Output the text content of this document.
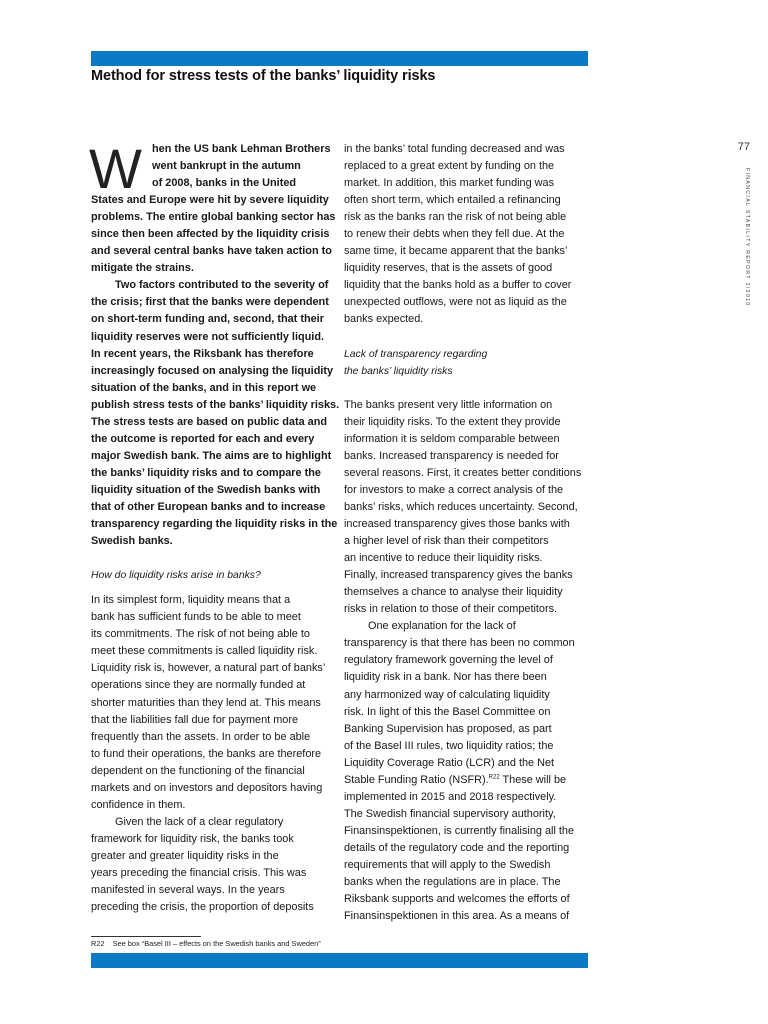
Method for stress tests of the banks’ liquidity risks
77
FINANCIAL STABILITY REPORT 2/2010
W hen the US bank Lehman Brothers
went bankrupt in the autumn
of 2008, banks in the United
States and Europe were hit by severe liquidity
problems. The entire global banking sector has
since then been affected by the liquidity crisis
and several central banks have taken action to
mitigate the strains.
Two factors contributed to the severity of
the crisis; first that the banks were dependent
on short-term funding and, second, that their
liquidity reserves were not sufficiently liquid.
In recent years, the Riksbank has therefore
increasingly focused on analysing the liquidity
situation of the banks, and in this report we
publish stress tests of the banks’ liquidity risks.
The stress tests are based on public data and
the outcome is reported for each and every
major Swedish bank. The aims are to highlight
the banks’ liquidity risks and to compare the
liquidity situation of the Swedish banks with
that of other European banks and to increase
transparency regarding the liquidity risks in the
Swedish banks.
How do liquidity risks arise in banks?
In its simplest form, liquidity means that a
bank has sufficient funds to be able to meet
its commitments. The risk of not being able to
meet these commitments is called liquidity risk.
Liquidity risk is, however, a natural part of banks’
operations since they are normally funded at
shorter maturities than they lend at. This means
that the liabilities fall due for payment more
frequently than the assets. In order to be able
to fund their operations, the banks are therefore
dependent on the functioning of the financial
markets and on investors and depositors having
confidence in them.
Given the lack of a clear regulatory
framework for liquidity risk, the banks took
greater and greater liquidity risks in the
years preceding the financial crisis. This was
manifested in several ways. In the years
preceding the crisis, the proportion of deposits
in the banks’ total funding decreased and was
replaced to a great extent by funding on the
market. In addition, this market funding was
often short term, which entailed a refinancing
risk as the banks ran the risk of not being able
to renew their debts when they fell due. At the
same time, it became apparent that the banks’
liquidity reserves, that is the assets of good
liquidity that the banks hold as a buffer to cover
unexpected outflows, were not as liquid as the
banks expected.
Lack of transparency regarding
the banks’ liquidity risks
The banks present very little information on
their liquidity risks. To the extent they provide
information it is seldom comparable between
banks. Increased transparency is needed for
several reasons. First, it creates better conditions
for investors to make a correct analysis of the
banks’ risks, which reduces uncertainty. Second,
increased transparency gives those banks with
a higher level of risk than their competitors
an incentive to reduce their liquidity risks.
Finally, increased transparency gives the banks
themselves a chance to analyse their liquidity
risks in relation to those of their competitors.
One explanation for the lack of
transparency is that there has been no common
regulatory framework governing the level of
liquidity risk in a bank. Nor has there been
any harmonized way of calculating liquidity
risk. In light of this the Basel Committee on
Banking Supervision has proposed, as part
of the Basel III rules, two liquidity ratios; the
Liquidity Coverage Ratio (LCR) and the Net
Stable Funding Ratio (NSFR).$^{R22}$ These will be
implemented in 2015 and 2018 respectively.
The Swedish financial supervisory authority,
Finansinspektionen, is currently finalising all the
details of the regulatory code and the reporting
requirements that will apply to the Swedish
banks when the regulations are in place. The
Riksbank supports and welcomes the efforts of
Finansinspektionen in this area. As a means of
R22 See box “Basel III – effects on the Swedish banks and Sweden”
